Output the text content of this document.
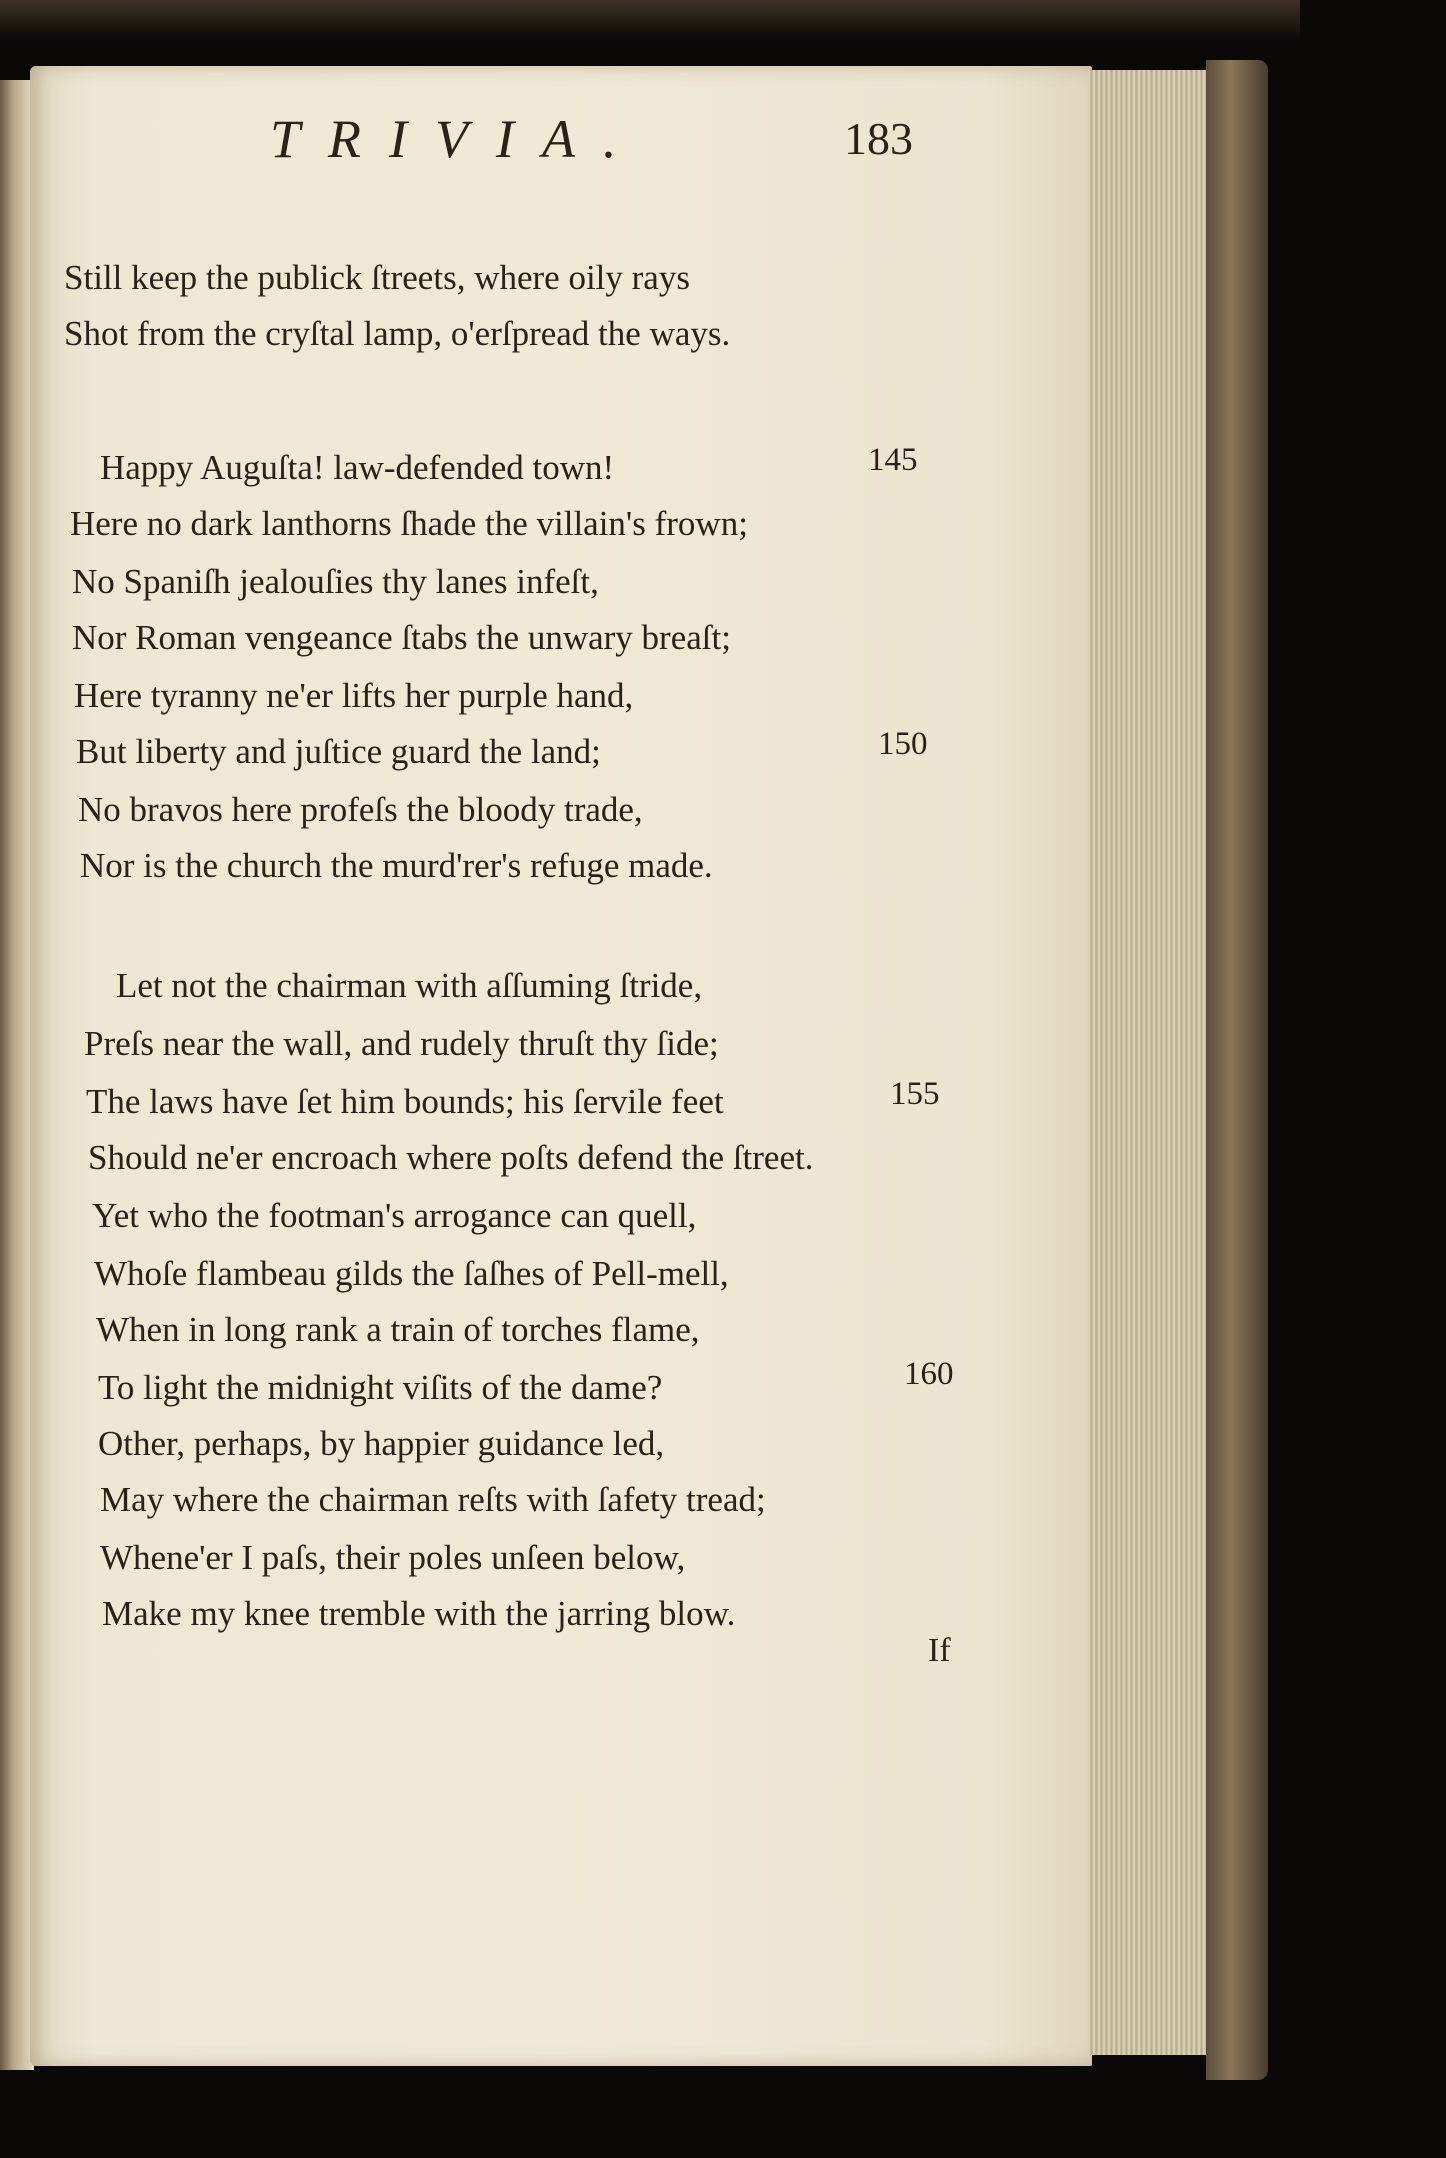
TRIVIA.	183
Still keep the publick ſtreets, where oily rays
Shot from the cryſtal lamp, o'erſpread the ways.
Happy Auguſta! law-defended town!	145
Here no dark lanthorns ſhade the villain's frown;
No Spaniſh jealouſies thy lanes infeſt,
Nor Roman vengeance ſtabs the unwary breaſt;
Here tyranny ne'er lifts her purple hand,
But liberty and juſtice guard the land;	150
No bravos here profeſs the bloody trade,
Nor is the church the murd'rer's refuge made.
Let not the chairman with aſſuming ſtride,
Preſs near the wall, and rudely thruſt thy ſide;
The laws have ſet him bounds; his ſervile feet	155
Should ne'er encroach where poſts defend the ſtreet.
Yet who the footman's arrogance can quell,
Whoſe flambeau gilds the ſaſhes of Pell-mell,
When in long rank a train of torches flame,
To light the midnight viſits of the dame?	160
Other, perhaps, by happier guidance led,
May where the chairman reſts with ſafety tread;
Whene'er I paſs, their poles unſeen below,
Make my knee tremble with the jarring blow.
If
